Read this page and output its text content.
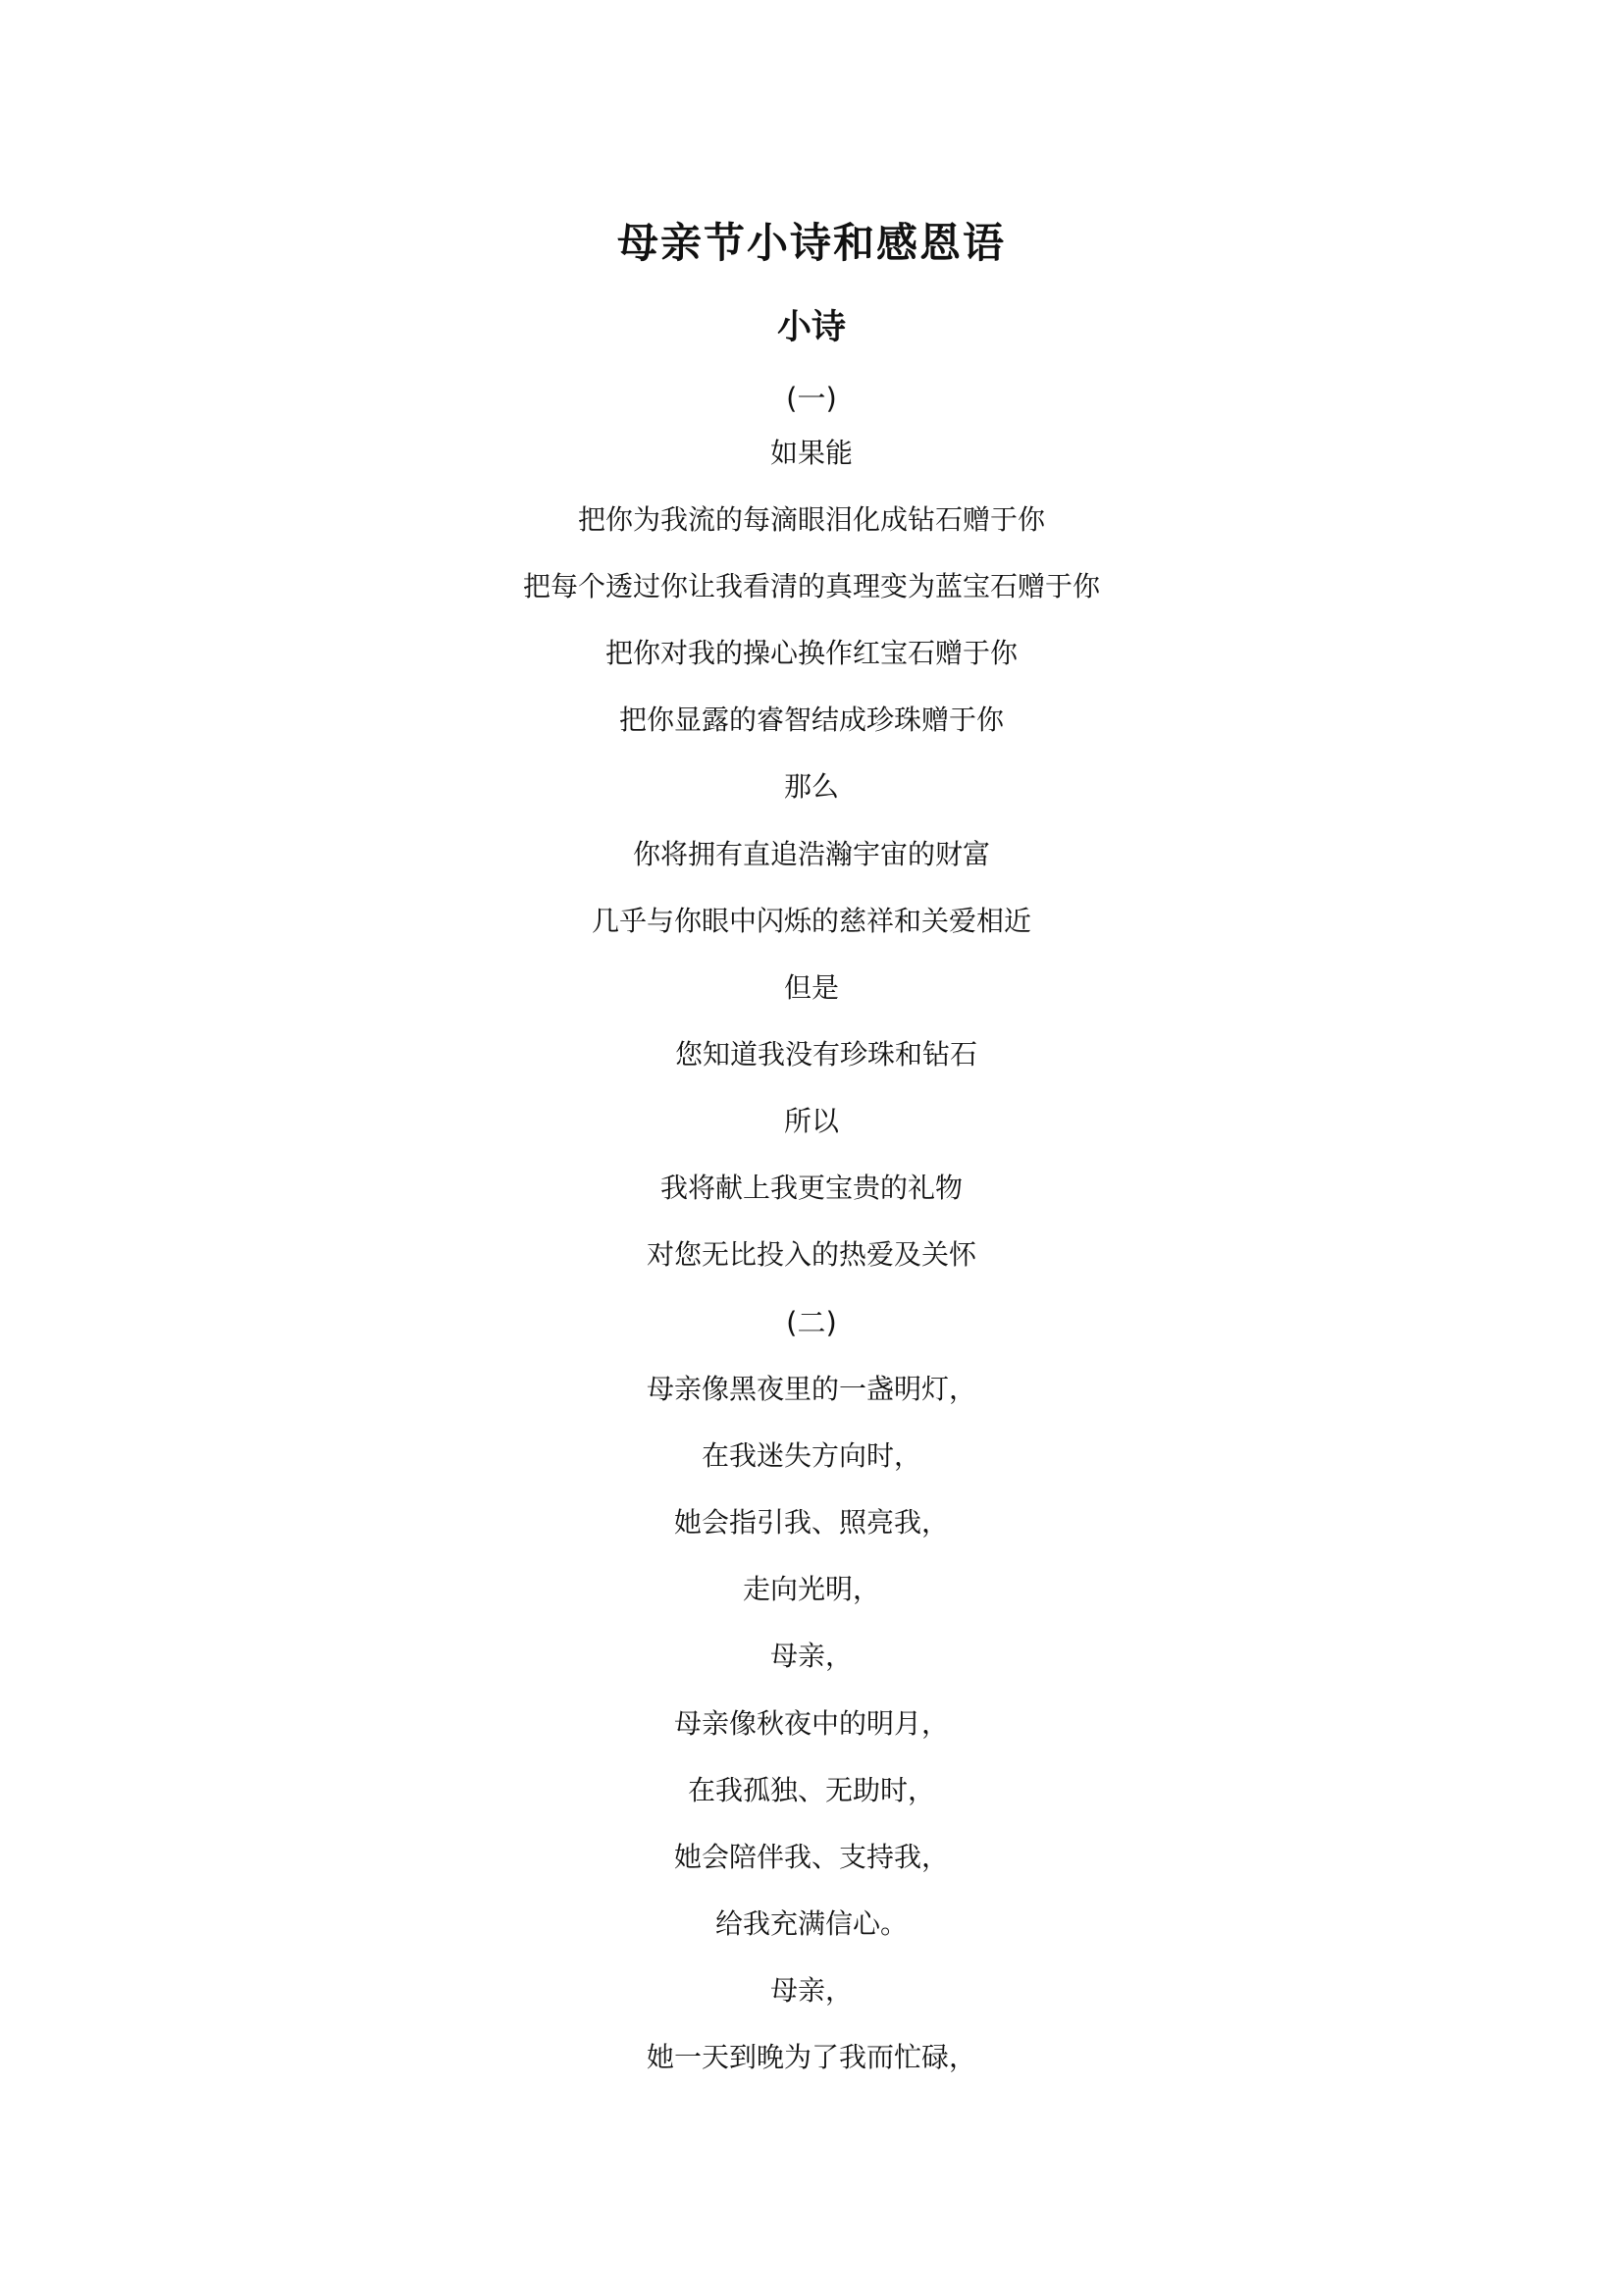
母亲节小诗和感恩语
小诗
(一)
如果能
把你为我流的每滴眼泪化成钻石赠于你
把每个透过你让我看清的真理变为蓝宝石赠于你
把你对我的操心换作红宝石赠于你
把你显露的睿智结成珍珠赠于你
那么
你将拥有直追浩瀚宇宙的财富
几乎与你眼中闪烁的慈祥和关爱相近
但是
您知道我没有珍珠和钻石
所以
我将献上我更宝贵的礼物
对您无比投入的热爱及关怀
(二)
母亲像黑夜里的一盏明灯，
在我迷失方向时，
她会指引我、照亮我，
走向光明，
母亲，
母亲像秋夜中的明月，
在我孤独、无助时，
她会陪伴我、支持我，
给我充满信心。
母亲，
她一天到晚为了我而忙碌，
